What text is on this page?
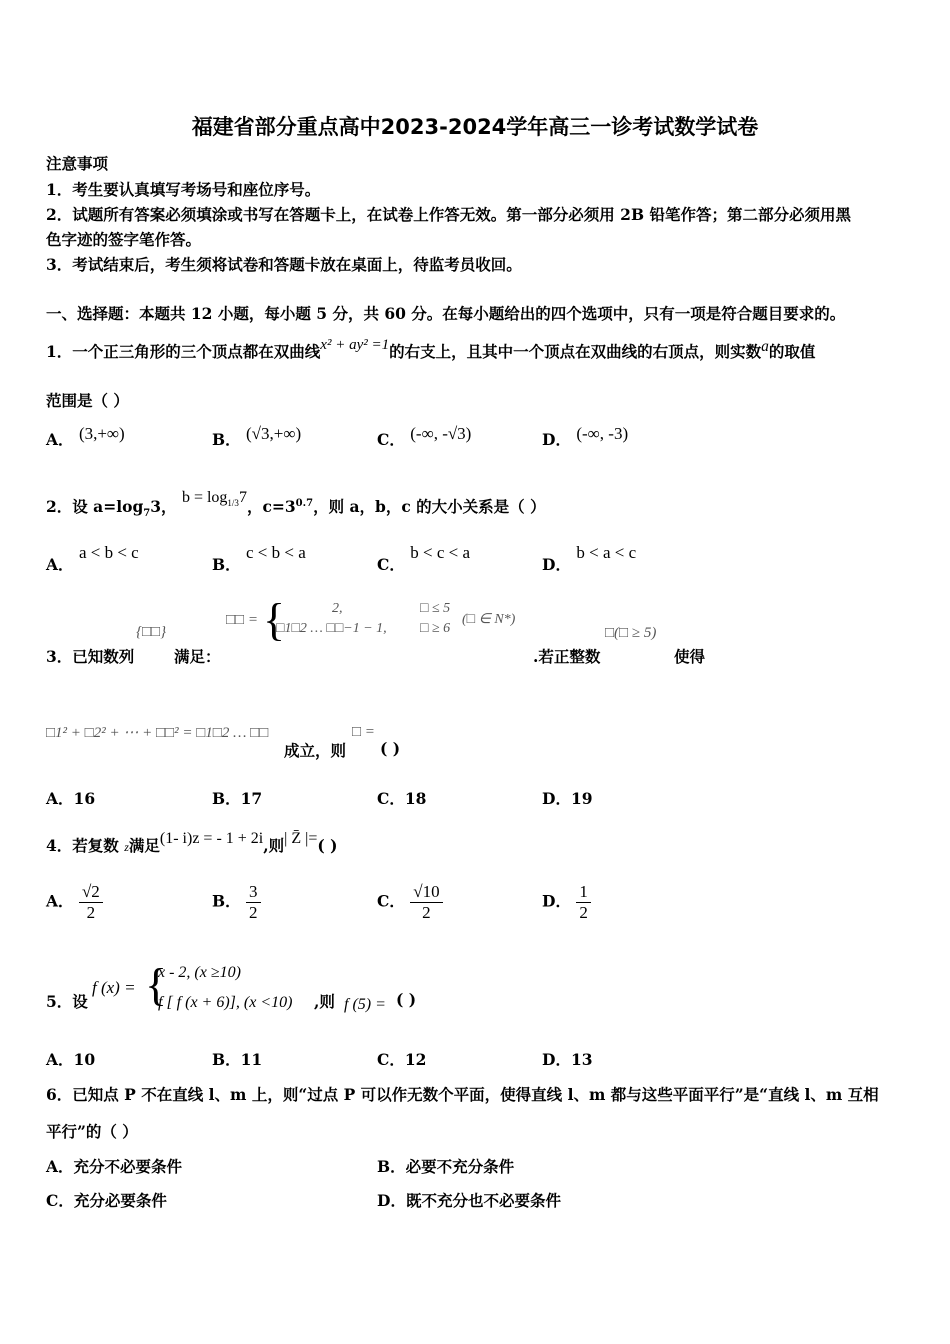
福建省部分重点高中2023-2024学年高三一诊考试数学试卷
注意事项
1．考生要认真填写考场号和座位序号。
2．试题所有答案必须填涂或书写在答题卡上，在试卷上作答无效。第一部分必须用 2B 铅笔作答；第二部分必须用黑
色字迹的签字笔作答。
3．考试结束后，考生须将试卷和答题卡放在桌面上，待监考员收回。
一、选择题：本题共 12 小题，每小题 5 分，共 60 分。在每小题给出的四个选项中，只有一项是符合题目要求的。
1．一个正三角形的三个顶点都在双曲线x² + ay² =1的右支上，且其中一个顶点在双曲线的右顶点，则实数a的取值
范围是（ ）
A． (3,+∞)	B． (√3,+∞)	C． (-∞, -√3)	D． (-∞, -3)
2．设 $a=\log_73$， $b = \log_{1/3}7$，$c=3^{0.7}$，则 a，b，c 的大小关系是（ ）
A． a < b < c
B． c < b < a
C． b < c < a
D． b < a < c
3．已知数列
{□□}
满足：
□□ = {	2,
□1□2 … □□−1 − 1,
□ ≤ 5
□ ≥ 6
(□ ∈ N*)
.若正整数
□(□ ≥ 5)
使得
□1² + □2² + ⋯ + □□² = □1□2 … □□
成立，则
□ =
( )
A．16	B．17	C．18	D．19
4．若复数 z满足(1- i)z = - 1 + 2i,则| Z̄ |=( )
A． $\frac{√2}{2}$	B． $\frac{3}{2}$	C． $\frac{√10}{2}$	D． $\frac{1}{2}$
5．设
f (x) = {
x - 2, (x ≥10)
f [ f (x + 6)], (x <10) ,则 f (5) = ( )
A．10	B．11	C．12	D．13
6．已知点 P 不在直线 l、m 上，则“过点 P 可以作无数个平面，使得直线 l、m 都与这些平面平行”是“直线 l、m 互相
平行”的（ ）
A．充分不必要条件	B．必要不充分条件
C．充分必要条件	D．既不充分也不必要条件
